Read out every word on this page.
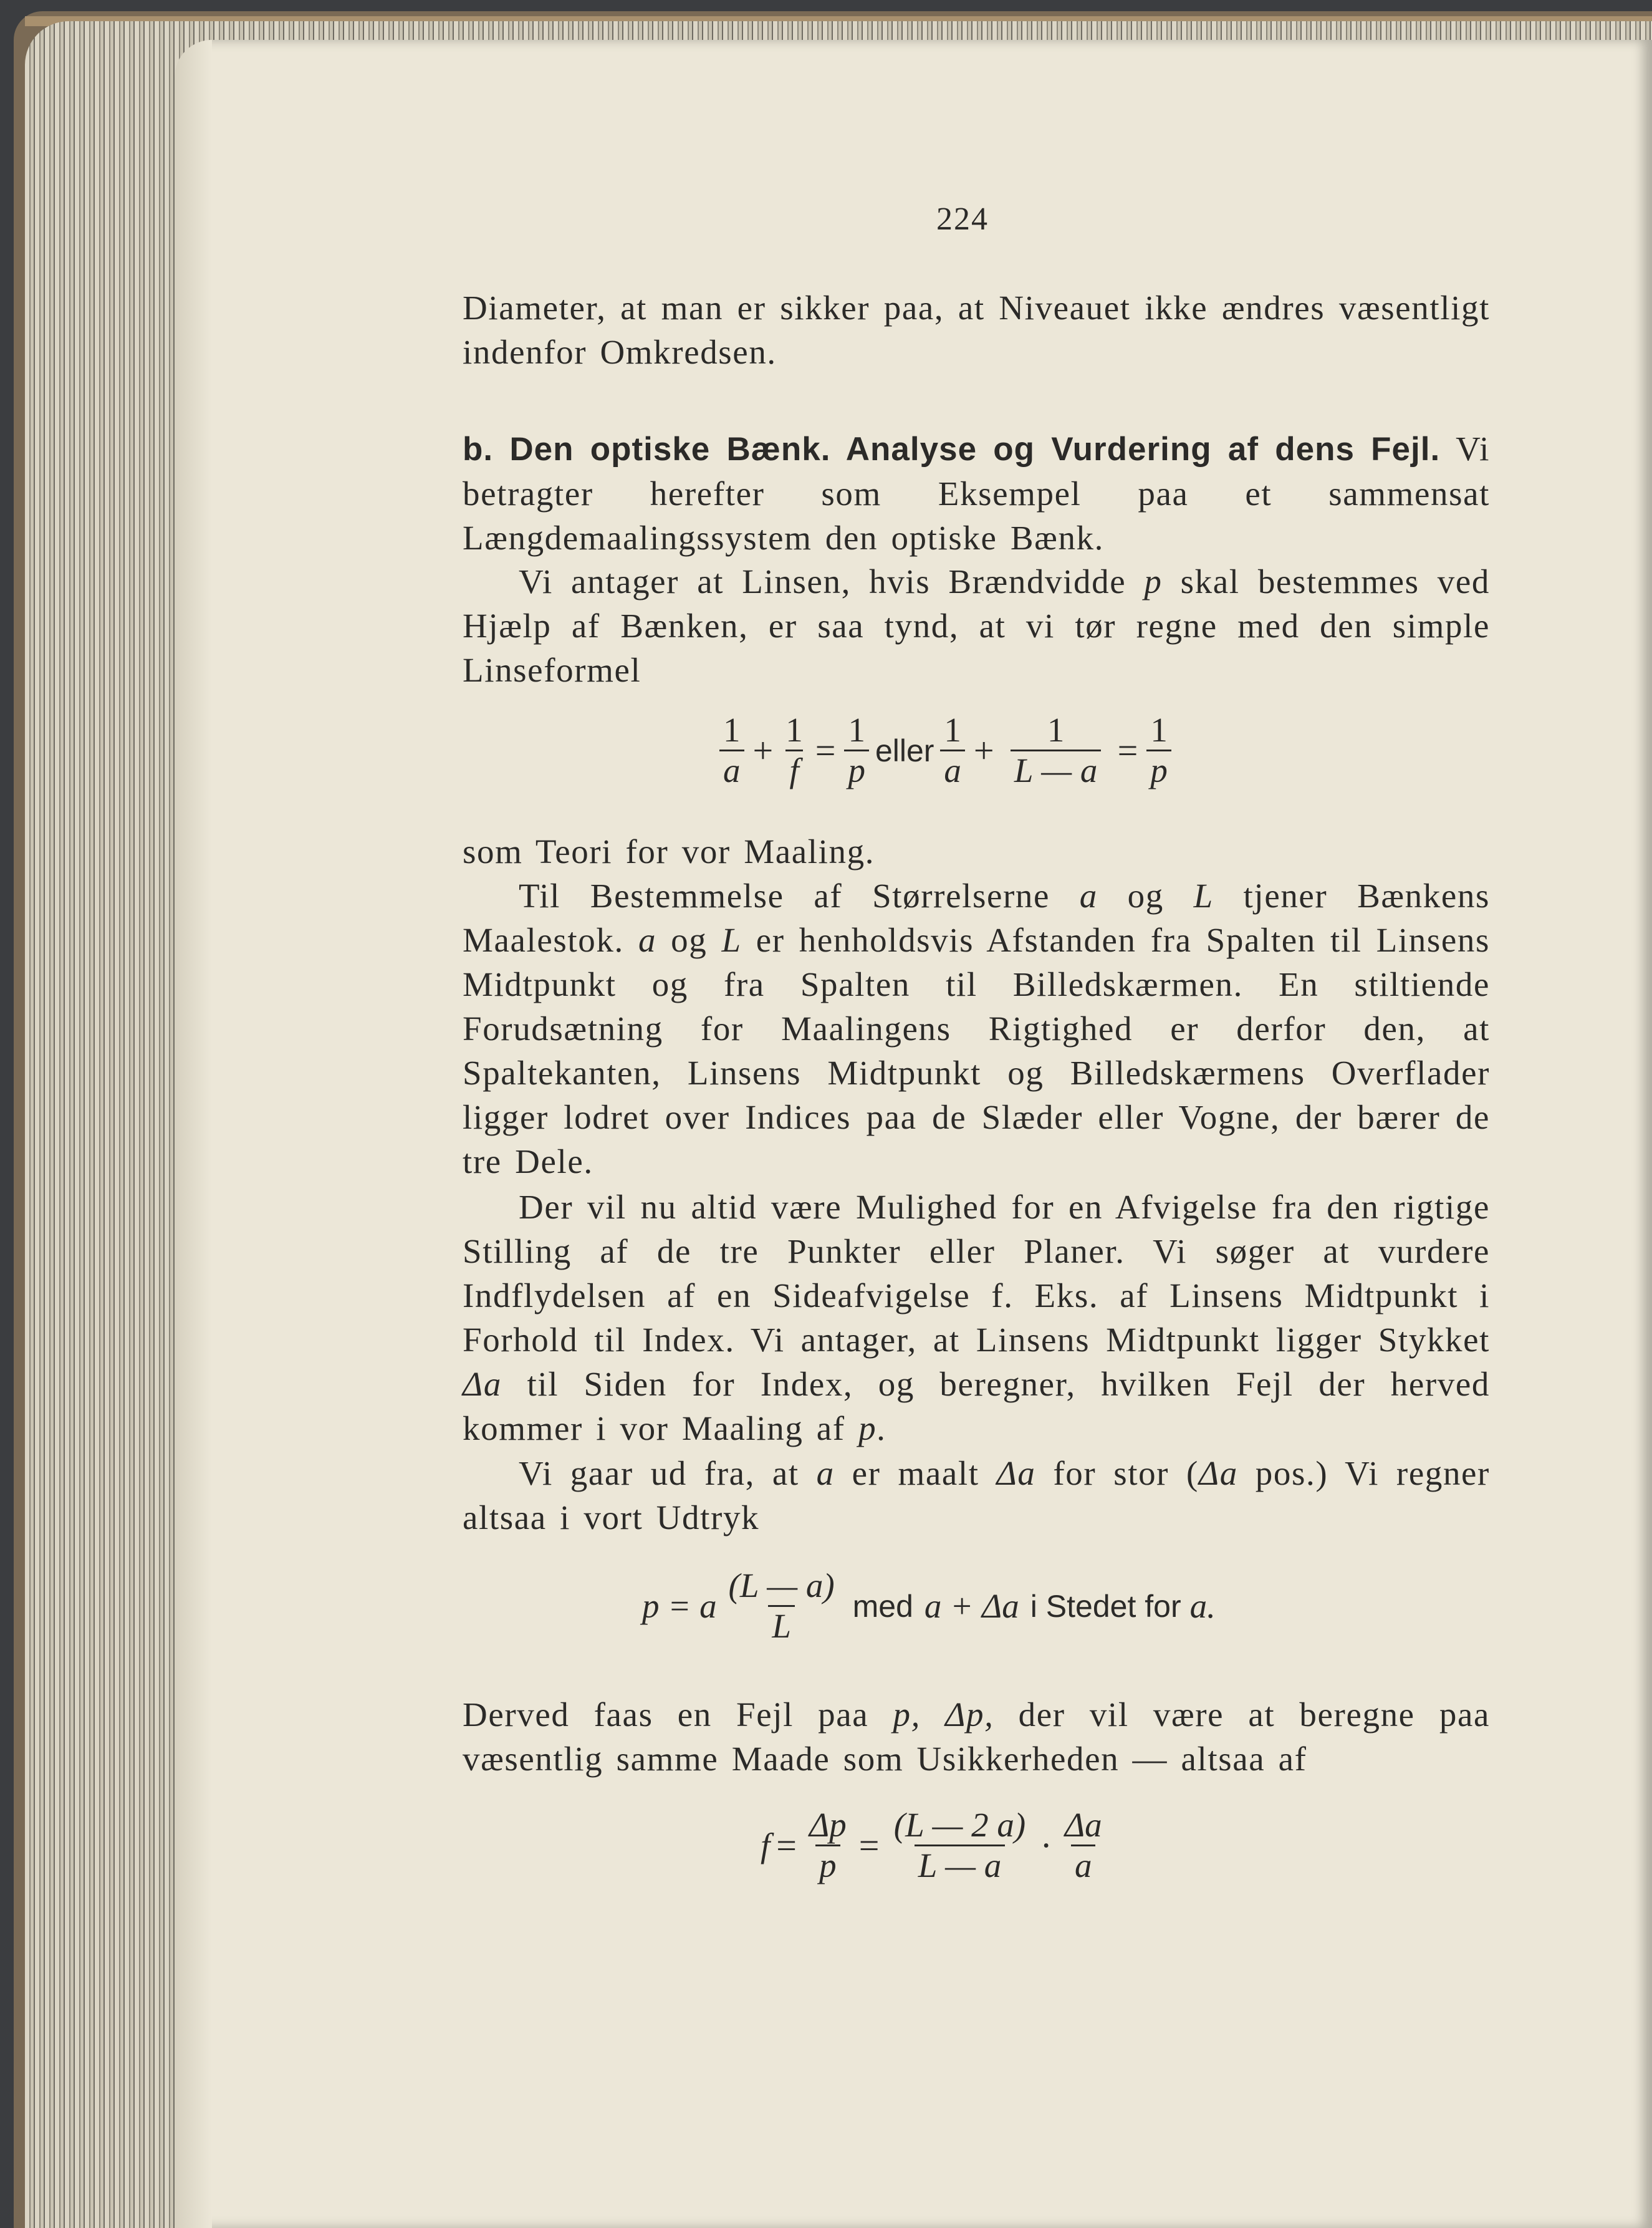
224
Diameter, at man er sikker paa, at Niveauet ikke ændres væsentligt indenfor Omkredsen.
b. Den optiske Bænk. Analyse og Vurdering af dens Fejl. Vi betragter herefter som Eksempel paa et sammensat Længdemaalingssystem den optiske Bænk.
Vi antager at Linsen, hvis Brændvidde p skal bestemmes ved Hjælp af Bænken, er saa tynd, at vi tør regne med den simple Linseformel
$\frac{1}{a} + \frac{1}{f} = \frac{1}{p}$ eller $\frac{1}{a} + \frac{1}{L — a} = \frac{1}{p}$
som Teori for vor Maaling.
Til Bestemmelse af Størrelserne a og L tjener Bænkens Maalestok. a og L er henholdsvis Afstanden fra Spalten til Linsens Midtpunkt og fra Spalten til Billedskærmen. En stiltiende Forudsætning for Maalingens Rigtighed er derfor den, at Spaltekanten, Linsens Midtpunkt og Billedskærmens Overflader ligger lodret over Indices paa de Slæder eller Vogne, der bærer de tre Dele.
Der vil nu altid være Mulighed for en Afvigelse fra den rigtige Stilling af de tre Punkter eller Planer. Vi søger at vurdere Indflydelsen af en Sideafvigelse f. Eks. af Linsens Midtpunkt i Forhold til Index. Vi antager, at Linsens Midtpunkt ligger Stykket Δa til Siden for Index, og beregner, hvilken Fejl der herved kommer i vor Maaling af p.
Vi gaar ud fra, at a er maalt Δa for stor (Δa pos.) Vi regner altsaa i vort Udtryk
p = a $\frac{(L — a)}{L}$ med a + Δa i Stedet for a.
Derved faas en Fejl paa p, Δp, der vil være at beregne paa væsentlig samme Maade som Usikkerheden — altsaa af
$f = \frac{\Delta p}{p} = \frac{(L — 2 a)}{L — a} \cdot \frac{\Delta a}{a}$
